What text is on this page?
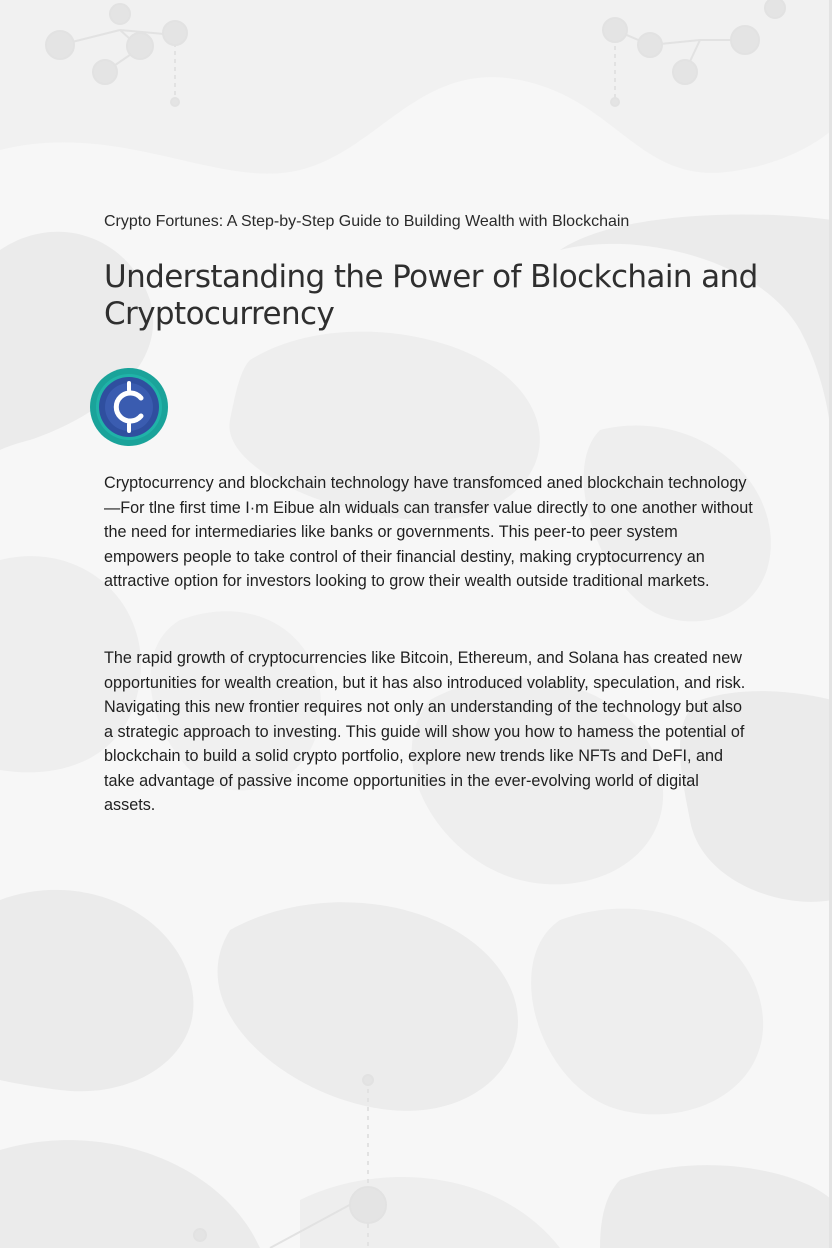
Crypto Fortunes: A Step-by-Step Guide to Building Wealth with Blockchain
Understanding the Power of Blockchain and Cryptocurrency

Cryptocurrency and blockchain technology have transfomced aned blockchain technology—For tlne first time I·m Eibue aln widuals can transfer value directly to one another without the need for intermediaries like banks or governments. This peer-to peer system empowers people to take control of their financial destiny, making cryptocurrency an attractive option for investors looking to grow their wealth outside traditional markets.

The rapid growth of cryptocurrencies like Bitcoin, Ethereum, and Solana has created new opportunities for wealth creation, but it has also introduced volablity, speculation, and risk. Navigating this new frontier requires not only an understanding of the technology but also a strategic approach to investing. This guide will show you how to hamess the potential of blockchain to build a solid crypto portfolio, explore new trends like NFTs and DeFI, and take advantage of passive income opportunities in the ever-evolving world of digital assets.
